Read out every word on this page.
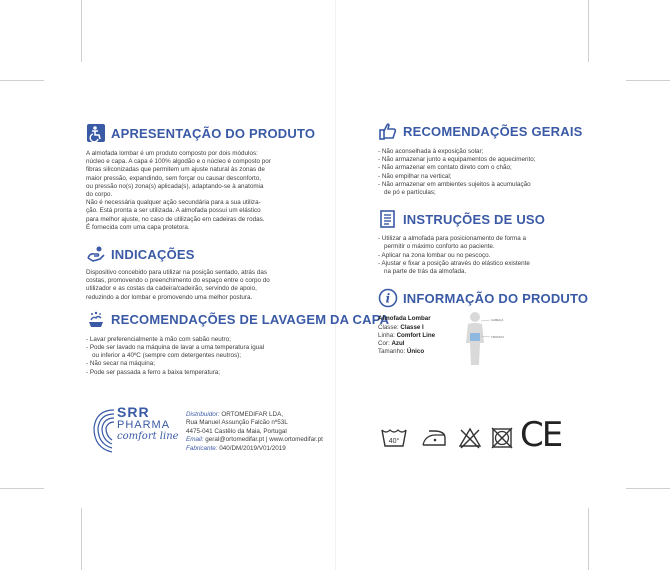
APRESENTAÇÃO DO PRODUTO
A almofada lombar é um produto composto por dois módulos:
núcleo e capa. A capa é 100% algodão e o núcleo é composto por
fibras siliconizadas que permitem um ajuste natural às zonas de
maior pressão, expandindo, sem forçar ou causar desconforto,
ou pressão no(s) zona(s) aplicada(s), adaptando-se à anatomia
do corpo.
Não é necessária qualquer ação secundária para a sua utiliza-
ção. Está pronta a ser utilizada. A almofada possui um elástico
para melhor ajuste, no caso de utilização em cadeiras de rodas.
É fornecida com uma capa protetora.
INDICAÇÕES
Dispositivo concebido para utilizar na posição sentado, atrás das
costas, promovendo o preenchimento do espaço entre o corpo do
utilizador e as costas da cadeira/cadeirão, servindo de apoio,
reduzindo a dor lombar e promovendo uma melhor postura.
RECOMENDAÇÕES DE LAVAGEM DA CAPA
- Lavar preferencialmente à mão com sabão neutro;
- Pode ser lavado na máquina de lavar a uma temperatura igual
ou inferior a 40ºC (sempre com detergentes neutros);
- Não secar na máquina;
- Pode ser passada a ferro a baixa temperatura;
SRR
PHARMA
comfort line
Distribuidor: ORTOMEDIFAR LDA,
Rua Manuel Assunção Falcão nº53L
4475-041 Castêlo da Maia, Portugal
Email: geral@ortomedifar.pt | www.ortomedifar.pt
Fabricante: 040/DM/2019/V01/2019
RECOMENDAÇÕES GERAIS
- Não aconselhada à exposição solar;
- Não armazenar junto a equipamentos de aquecimento;
- Não armazenar em contato direto com o chão;
- Não empilhar na vertical;
- Não armazenar em ambientes sujeitos à acumulação
de pó e partículas;
INSTRUÇÕES DE USO
- Utilizar a almofada para posicionamento de forma a
permitir o máximo conforto ao paciente.
- Aplicar na zona lombar ou no pescoço.
- Ajustar e fixar a posição através do elástico existente
na parte de trás da almofada.
i INFORMAÇÃO DO PRODUTO
Almofada Lombar
Classe: Classe I
Linha: Comfort Line
Cor: Azul
Tamanho: Único
CABEÇA
TRONCO
40°	CE
